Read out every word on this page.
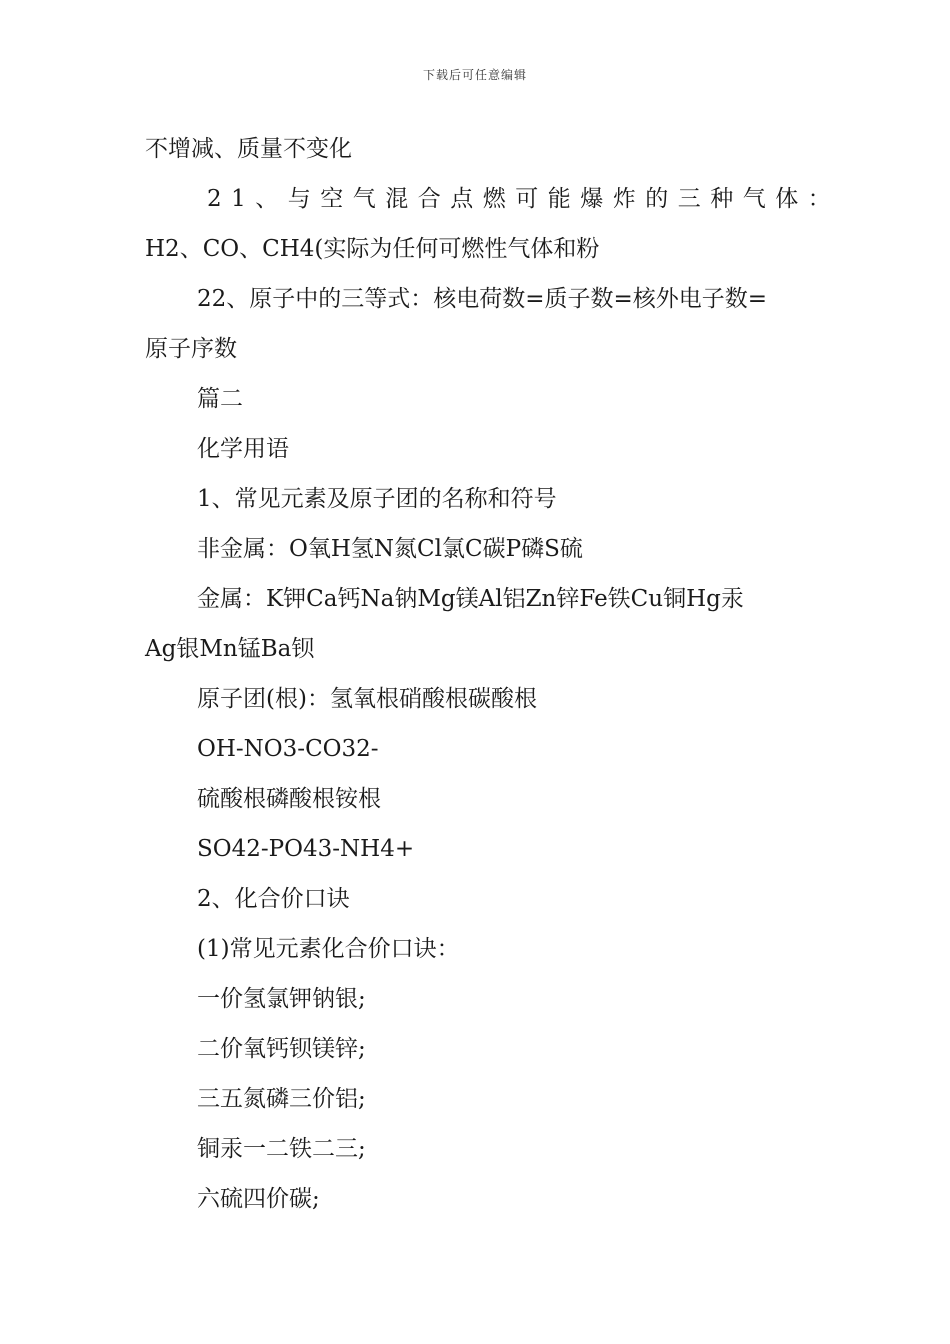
下载后可任意编辑
不增减、质量不变化
21、与空气混合点燃可能爆炸的三种气体：
H2、CO、CH4(实际为任何可燃性气体和粉
22、原子中的三等式：核电荷数=质子数=核外电子数=
原子序数
篇二
化学用语
1、常见元素及原子团的名称和符号
非金属：O氧H氢N氮Cl氯C碳P磷S硫
金属：K钾Ca钙Na钠Mg镁Al铝Zn锌Fe铁Cu铜Hg汞
Ag银Mn锰Ba钡
原子团(根)：氢氧根硝酸根碳酸根
OH-NO3-CO32-
硫酸根磷酸根铵根
SO42-PO43-NH4+
2、化合价口诀
(1)常见元素化合价口诀：
一价氢氯钾钠银;
二价氧钙钡镁锌;
三五氮磷三价铝;
铜汞一二铁二三;
六硫四价碳;
